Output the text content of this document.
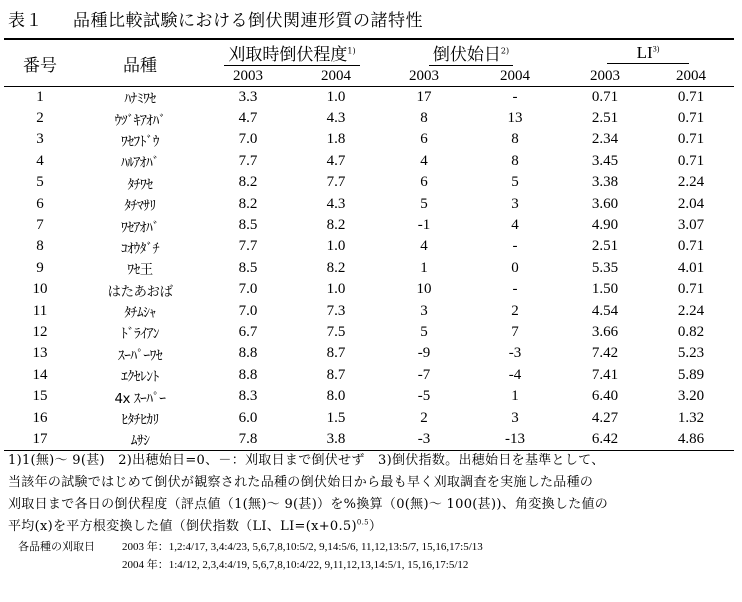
表１ 品種比較試験における倒伏関連形質の諸特性
番号	品種	刈取時倒伏程度$^{1)}$		倒伏始日$^{2)}$		LI$^{3)}$
		2003	2004	2003	2004	2003	2004
1	ﾊﾅﾐﾜｾ	3.3	1.0	17	-	0.71	0.71
2	ｳﾂﾞｷｱｵﾊﾞ	4.7	4.3	8	13	2.51	0.71
3	ﾜｾﾌﾄﾞｳ	7.0	1.8	6	8	2.34	0.71
4	ﾊﾙｱｵﾊﾞ	7.7	4.7	4	8	3.45	0.71
5	ﾀﾁﾜｾ	8.2	7.7	6	5	3.38	2.24
6	ﾀﾁﾏｻﾘ	8.2	4.3	5	3	3.60	2.04
7	ﾜｾｱｵﾊﾞ	8.5	8.2	-1	4	4.90	3.07
8	ｺｵｳﾀﾞﾁ	7.7	1.0	4	-	2.51	0.71
9	ﾜｾ王	8.5	8.2	1	0	5.35	4.01
10	はたあおば	7.0	1.0	10	-	1.50	0.71
11	ﾀﾁﾑｼｬ	7.0	7.3	3	2	4.54	2.24
12	ﾄﾞﾗｲｱﾝ	6.7	7.5	5	7	3.66	0.82
13	ｽｰﾊﾟｰﾜｾ	8.8	8.7	-9	-3	7.42	5.23
14	ｴｸｾﾚﾝﾄ	8.8	8.7	-7	-4	7.41	5.89
15	4x ｽｰﾊﾟｰ	8.3	8.0	-5	1	6.40	3.20
16	ﾋﾀﾁﾋｶﾘ	6.0	1.5	2	3	4.27	1.32
17	ﾑｻｼ	7.8	3.8	-3	-13	6.42	4.86
1)1(無)～ 9(甚)　2)出穂始日=0、－：刈取日まで倒伏せず　3)倒伏指数。出穂始日を基準として、
当該年の試験ではじめて倒伏が観察された品種の倒伏始日から最も早く刈取調査を実施した品種の
刈取日まで各日の倒伏程度（評点値（1(無)～ 9(甚)）を%換算（0(無)～ 100(甚))、角変換した値の
平均(x)を平方根変換した値（倒伏指数（LI、$LI=(x+0.5)^{0.5}$）
各品種の刈取日 2003 年：1,2:4/17, 3,4:4/23, 5,6,7,8,10:5/2, 9,14:5/6, 11,12,13:5/7, 15,16,17:5/13
2004 年：1:4/12, 2,3,4:4/19, 5,6,7,8,10:4/22, 9,11,12,13,14:5/1, 15,16,17:5/12
